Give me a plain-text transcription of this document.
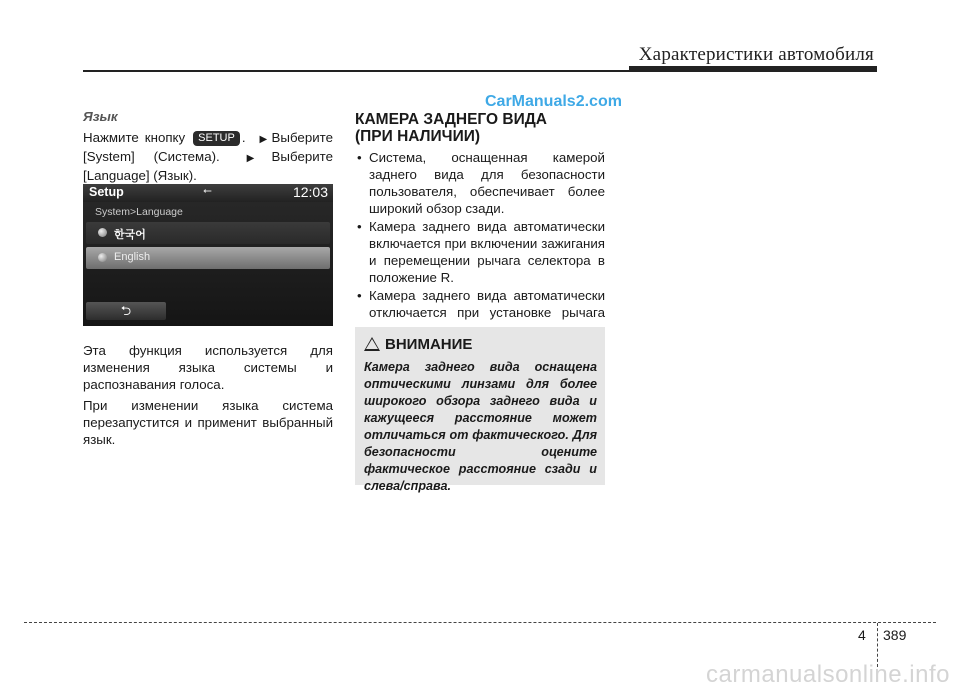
Характеристики автомобиля
Язык
Нажмите кнопку SETUP . ▶ Выберите [System] (Система).	▶ Выберите [Language] (Язык).
Setup	⭠	12:03
System>Language
한국어
English
⮌
Эта функция используется для изменения языка системы и распознавания голоса.
При изменении языка система перезапустится и применит выбранный язык.
CarManuals2.com
КАМЕРА ЗАДНЕГО ВИДА
(ПРИ НАЛИЧИИ)
• Система, оснащенная камерой заднего вида для безопасности пользователя, обеспечивает более широкий обзор сзади.
• Камера заднего вида автоматически включается при включении зажигания и перемещении рычага селектора в положение R.
• Камера заднего вида автоматически отключается при установке рычага
! ВНИМАНИЕ
Камера заднего вида оснащена оптическими линзами для более широкого обзора заднего вида и кажущееся расстояние может отличаться от фактического. Для безопасности оцените фактическое расстояние сзади и слева/справа.
4 389
carmanualsonline.info
